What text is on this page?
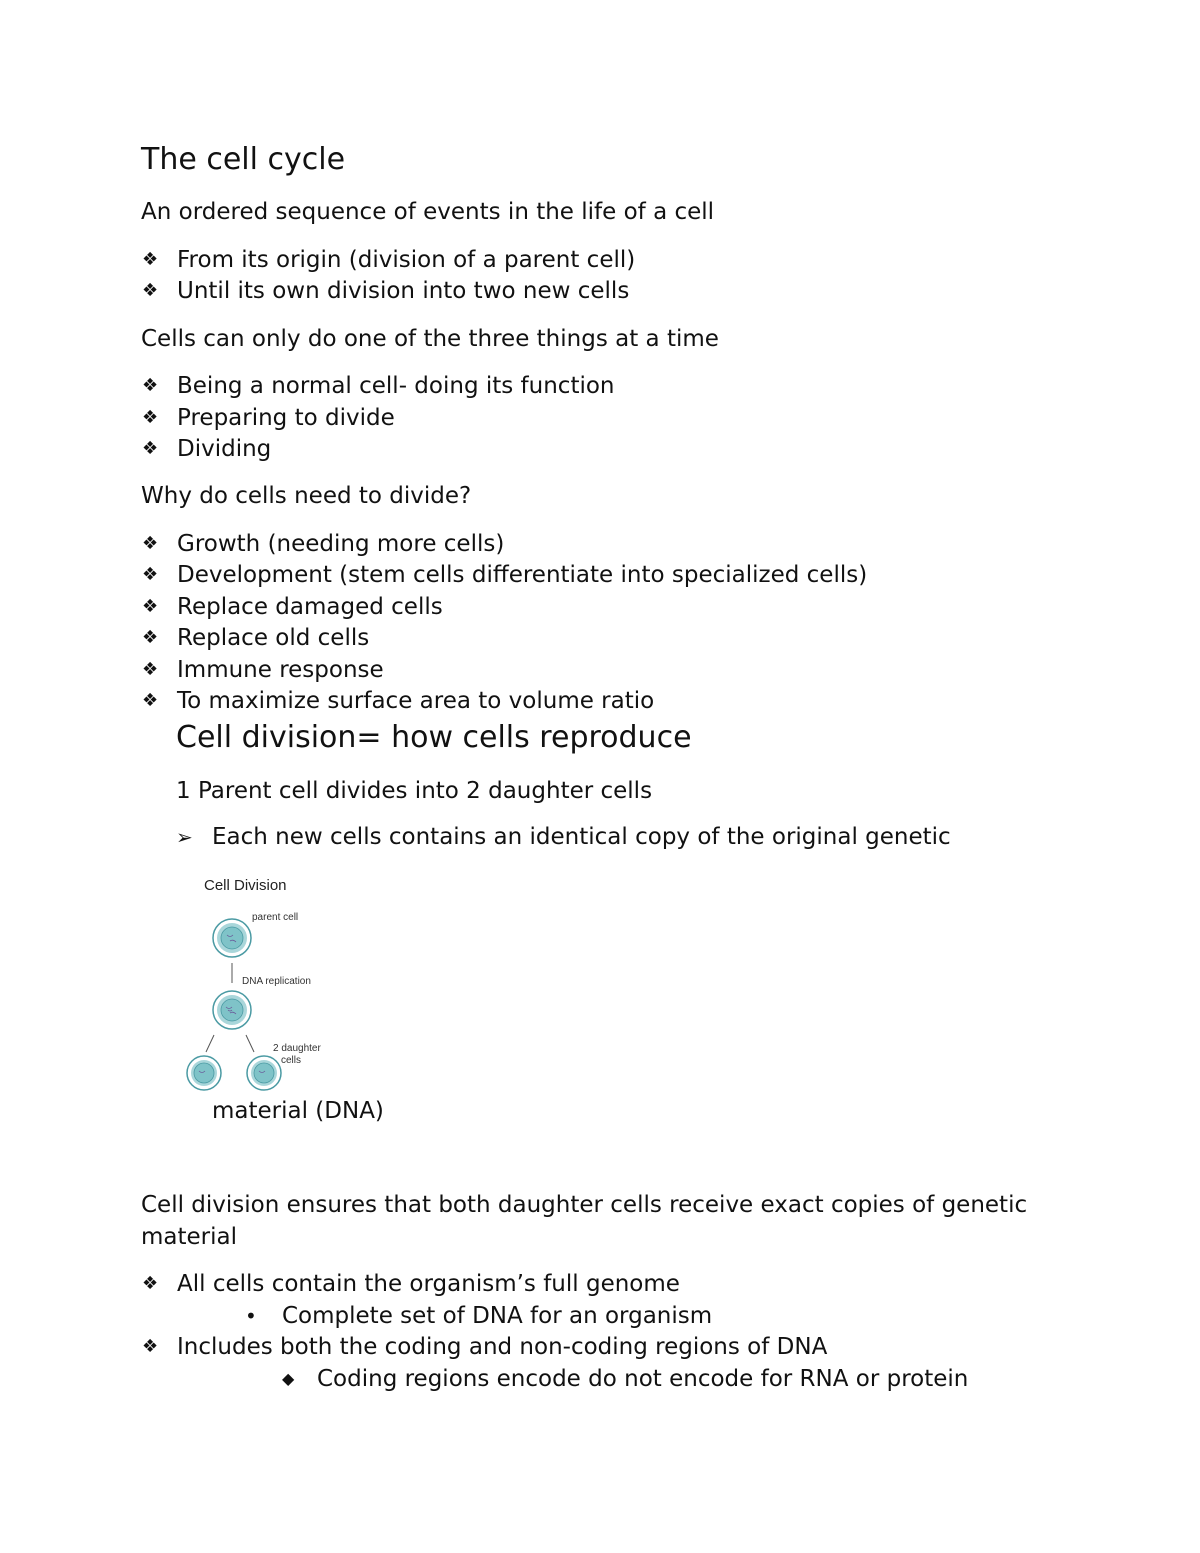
The cell cycle
An ordered sequence of events in the life of a cell
❖ From its origin (division of a parent cell)
❖ Until its own division into two new cells
Cells can only do one of the three things at a time
❖ Being a normal cell- doing its function
❖ Preparing to divide
❖ Dividing
Why do cells need to divide?
❖ Growth (needing more cells)
❖ Development (stem cells differentiate into specialized cells)
❖ Replace damaged cells
❖ Replace old cells
❖ Immune response
❖ To maximize surface area to volume ratio
Cell division= how cells reproduce
1 Parent cell divides into 2 daughter cells
➢ Each new cells contains an identical copy of the original genetic
Cell Division
parent cell
DNA replication
2 daughter
cells
material (DNA)
Cell division ensures that both daughter cells receive exact copies of genetic
material
❖ All cells contain the organism’s full genome
• Complete set of DNA for an organism
❖ Includes both the coding and non-coding regions of DNA
◆ Coding regions encode do not encode for RNA or protein
